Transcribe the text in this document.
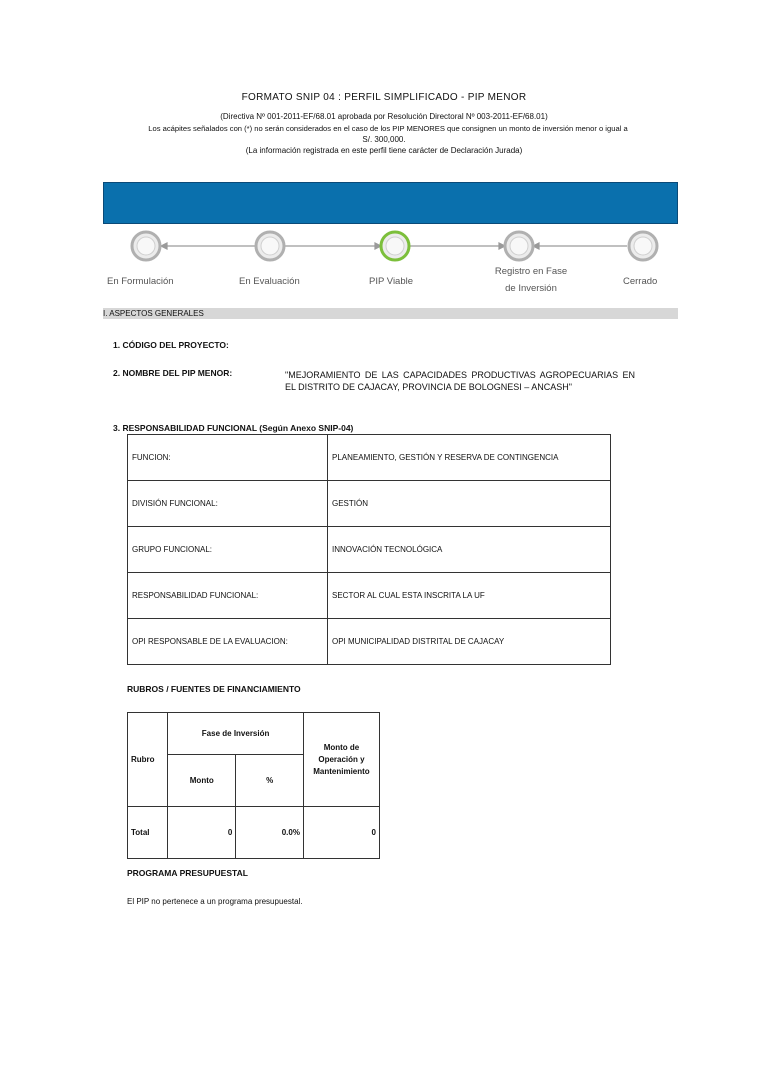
FORMATO SNIP 04 : PERFIL SIMPLIFICADO - PIP MENOR
(Directiva Nº 001-2011-EF/68.01 aprobada por Resolución Directoral Nº 003-2011-EF/68.01)
Los acápites señalados con (*) no serán considerados en el caso de los PIP MENORES que consignen un monto de inversión menor o igual a
S/. 300,000.
(La información registrada en este perfil tiene carácter de Declaración Jurada)
En Formulación	En Evaluación	PIP Viable
Registro en Fase
de Inversión
Cerrado
I. ASPECTOS GENERALES
1. CÓDIGO DEL PROYECTO:
2. NOMBRE DEL PIP MENOR:	"MEJORAMIENTO DE LAS CAPACIDADES PRODUCTIVAS AGROPECUARIAS EN EL DISTRITO DE CAJACAY, PROVINCIA DE BOLOGNESI – ANCASH"
3. RESPONSABILIDAD FUNCIONAL (Según Anexo SNIP-04)
FUNCION:	PLANEAMIENTO, GESTIÓN Y RESERVA DE CONTINGENCIA
DIVISIÓN FUNCIONAL:	GESTIÓN
GRUPO FUNCIONAL:	INNOVACIÓN TECNOLÓGICA
RESPONSABILIDAD FUNCIONAL:	SECTOR AL CUAL ESTA INSCRITA LA UF
OPI RESPONSABLE DE LA EVALUACION:	OPI MUNICIPALIDAD DISTRITAL DE CAJACAY
RUBROS / FUENTES DE FINANCIAMIENTO
Rubro	Fase de Inversión		Monto de Operación y Mantenimiento
	Monto	%	
Total	0	0.0%	0
PROGRAMA PRESUPUESTAL
El PIP no pertenece a un programa presupuestal.
